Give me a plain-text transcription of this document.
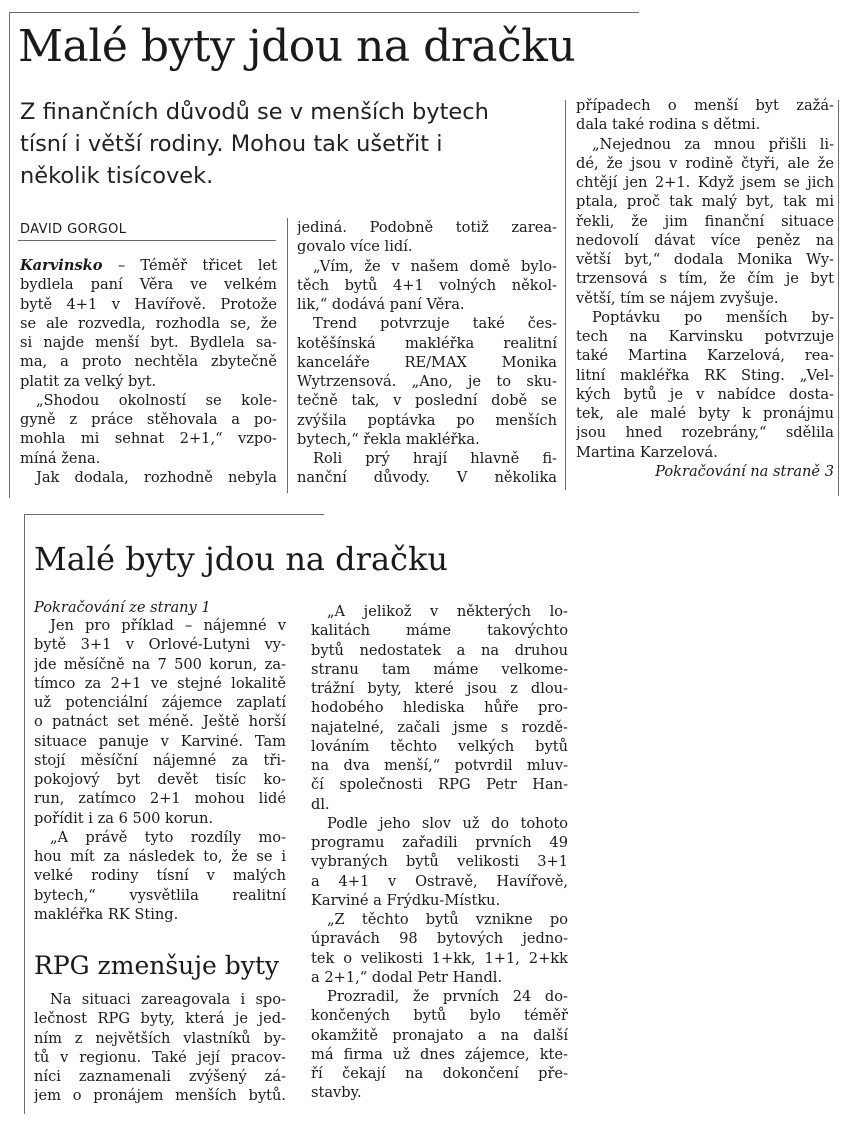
Malé byty jdou na dračku
Z finančních důvodů se v menších bytech
tísní i větší rodiny. Mohou tak ušetřit i
několik tisícovek.
DAVID GORGOL
Karvinsko – Téměř třicet let
bydlela paní Věra ve velkém
bytě 4+1 v Havířově. Protože
se ale rozvedla, rozhodla se, že
si najde menší byt. Bydlela sa-
ma, a proto nechtěla zbytečně
platit za velký byt.
„Shodou okolností se kole-
gyně z práce stěhovala a po-
mohla mi sehnat 2+1,“ vzpo-
míná žena.
Jak dodala, rozhodně nebyla
jediná. Podobně totiž zarea-
govalo více lidí.
„Vím, že v našem domě bylo-
těch bytů 4+1 volných někol-
lik,“ dodává paní Věra.
Trend potvrzuje také čes-
kotěšínská makléřka realitní
kanceláře RE/MAX Monika
Wytrzensová. „Ano, je to sku-
tečně tak, v poslední době se
zvýšila poptávka po menších
bytech,“ řekla makléřka.
Roli prý hrají hlavně fi-
nanční důvody. V několika
případech o menší byt zažá-
dala také rodina s dětmi.
„Nejednou za mnou přišli li-
dé, že jsou v rodině čtyři, ale že
chtějí jen 2+1. Když jsem se jich
ptala, proč tak malý byt, tak mi
řekli, že jim finanční situace
nedovolí dávat více peněz na
větší byt,“ dodala Monika Wy-
trzensová s tím, že čím je byt
větší, tím se nájem zvyšuje.
Poptávku po menších by-
tech na Karvinsku potvrzuje
také Martina Karzelová, rea-
litní makléřka RK Sting. „Vel-
kých bytů je v nabídce dosta-
tek, ale malé byty k pronájmu
jsou hned rozebrány,“ sdělila
Martina Karzelová.
Pokračování na straně 3
Malé byty jdou na dračku
Pokračování ze strany 1
Jen pro příklad – nájemné v
bytě 3+1 v Orlové-Lutyni vy-
jde měsíčně na 7 500 korun, za-
tímco za 2+1 ve stejné lokalitě
už potenciální zájemce zaplatí
o patnáct set méně. Ještě horší
situace panuje v Karviné. Tam
stojí měsíční nájemné za tři-
pokojový byt devět tisíc ko-
run, zatímco 2+1 mohou lidé
pořídit i za 6 500 korun.
„A právě tyto rozdíly mo-
hou mít za následek to, že se i
velké rodiny tísní v malých
bytech,“ vysvětlila realitní
makléřka RK Sting.
RPG zmenšuje byty
Na situaci zareagovala i spo-
lečnost RPG byty, která je jed-
ním z největších vlastníků by-
tů v regionu. Také její pracov-
níci zaznamenali zvýšený zá-
jem o pronájem menších bytů.
„A jelikož v některých lo-
kalitách máme takovýchto
bytů nedostatek a na druhou
stranu tam máme velkome-
trážní byty, které jsou z dlou-
hodobého hlediska hůře pro-
najatelné, začali jsme s rozdě-
lováním těchto velkých bytů
na dva menší,“ potvrdil mluv-
čí společnosti RPG Petr Han-
dl.
Podle jeho slov už do tohoto
programu zařadili prvních 49
vybraných bytů velikosti 3+1
a 4+1 v Ostravě, Havířově,
Karviné a Frýdku-Místku.
„Z těchto bytů vznikne po
úpravách 98 bytových jedno-
tek o velikosti 1+kk, 1+1, 2+kk
a 2+1,“ dodal Petr Handl.
Prozradil, že prvních 24 do-
končených bytů bylo téměř
okamžitě pronajato a na další
má firma už dnes zájemce, kte-
ří čekají na dokončení pře-
stavby.
